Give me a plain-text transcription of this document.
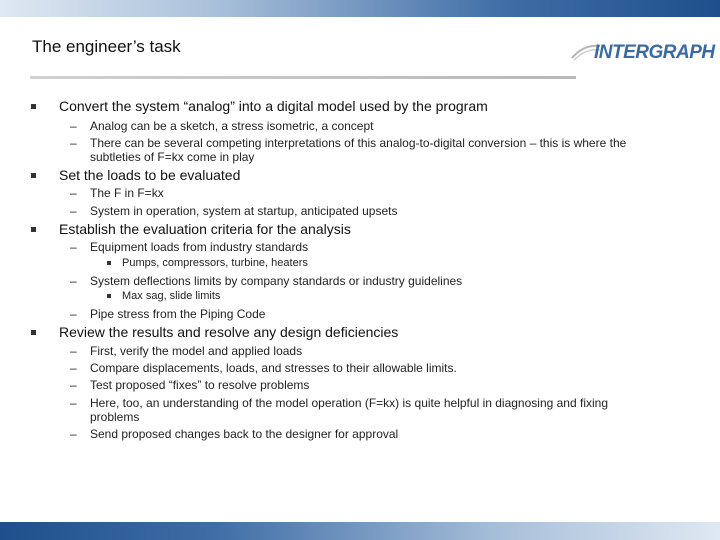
The engineer’s task	INTERGRAPH
Convert the system “analog” into a digital model used by the program
– Analog can be a sketch, a stress isometric, a concept
– There can be several competing interpretations of this analog-to-digital conversion – this is where the
subtleties of F=kx come in play
Set the loads to be evaluated
– The F in F=kx
– System in operation, system at startup, anticipated upsets
Establish the evaluation criteria for the analysis
– Equipment loads from industry standards
Pumps, compressors, turbine, heaters
– System deflections limits by company standards or industry guidelines
Max sag, slide limits
– Pipe stress from the Piping Code
Review the results and resolve any design deficiencies
– First, verify the model and applied loads
– Compare displacements, loads, and stresses to their allowable limits.
– Test proposed “fixes” to resolve problems
– Here, too, an understanding of the model operation (F=kx) is quite helpful in diagnosing and fixing
problems
– Send proposed changes back to the designer for approval
